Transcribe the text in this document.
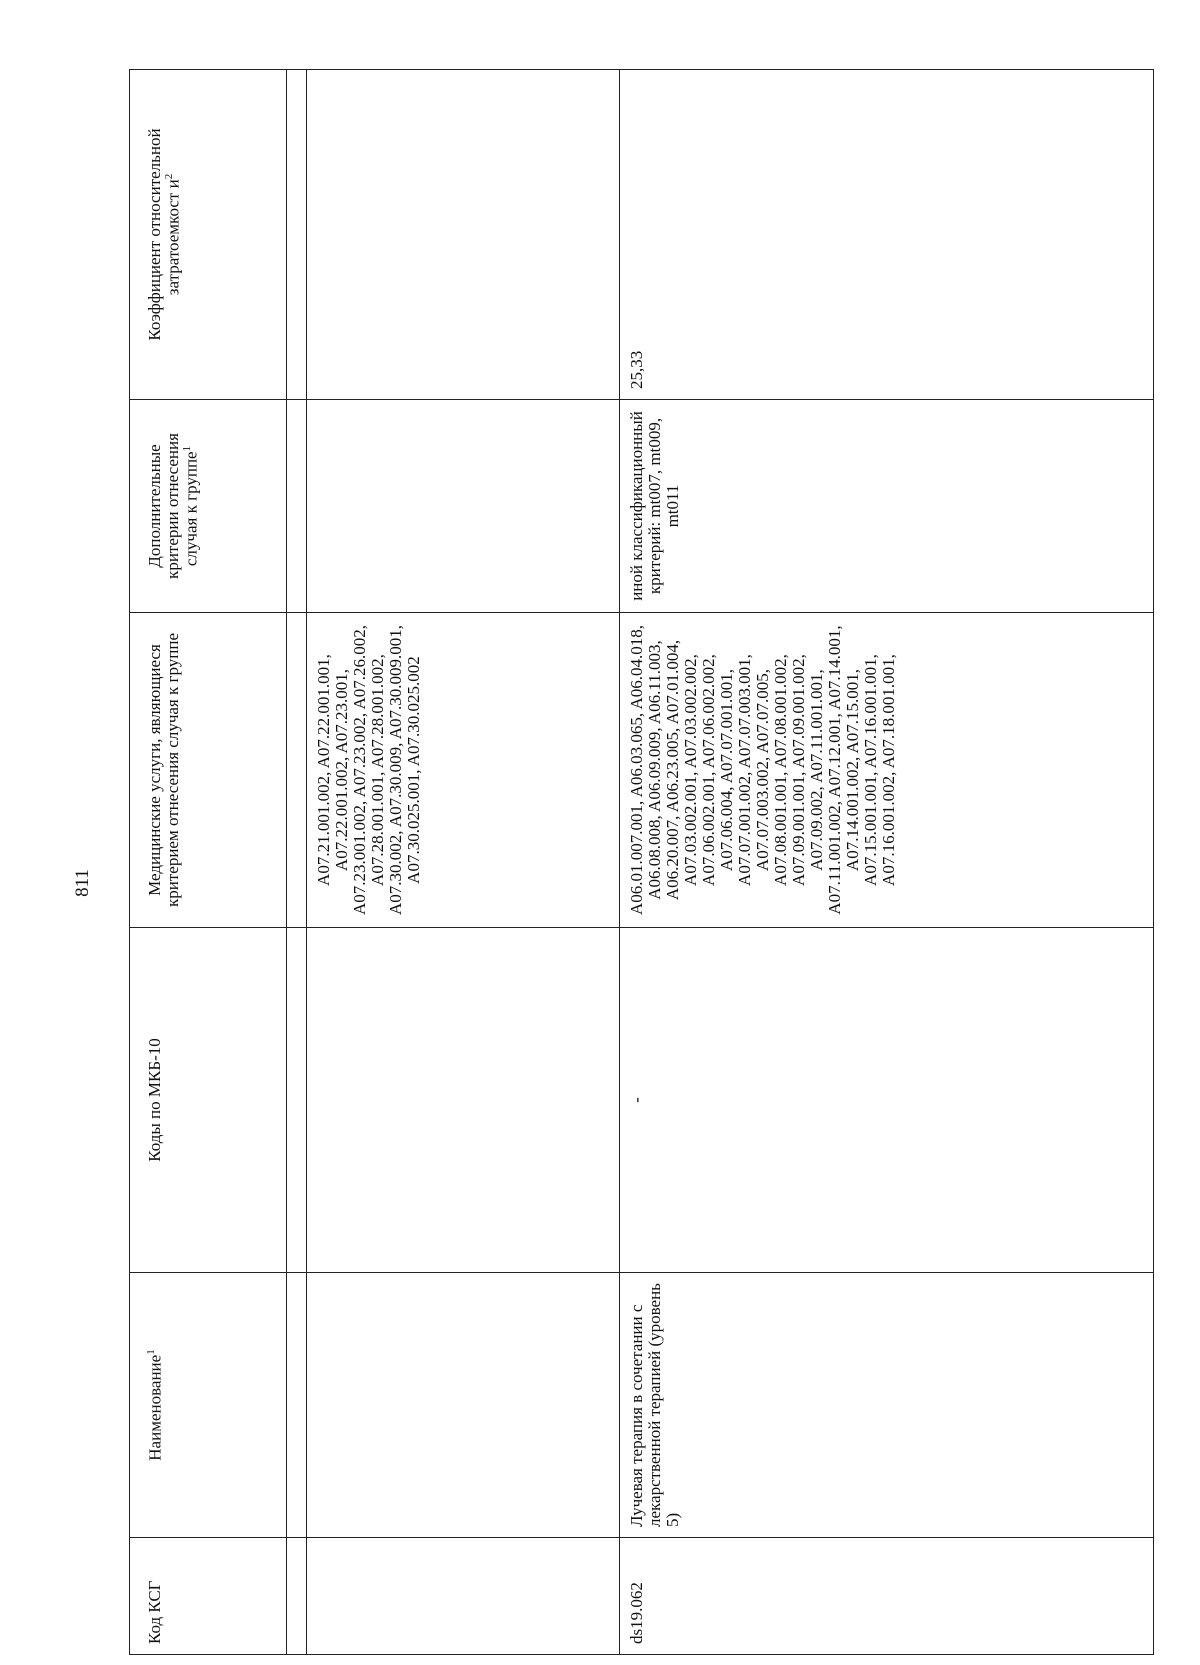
811
Код КСГ	Наименование$^1$	Коды по МКБ-10	Медицинские услуги, являющиеся критерием отнесения случая к группе	Дополнительные критерии отнесения случая к группе$^1$	Коэффициент относительной затратоемкост $и^2$

			A07.21.001.002, A07.22.001.001, A07.22.001.002, A07.23.001, A07.23.001.002, A07.23.002, A07.26.002, A07.28.001.001, A07.28.001.002, A07.30.002, A07.30.009, A07.30.009.001, A07.30.025.001, A07.30.025.002		
ds19.062	Лучевая терапия в сочетании с лекарственной терапией (уровень 5)	-	A06.01.007.001, A06.03.065, A06.04.018, A06.08.008, A06.09.009, A06.11.003, A06.20.007, A06.23.005, A07.01.004, A07.03.002.001, A07.03.002.002, A07.06.002.001, A07.06.002.002, A07.06.004, A07.07.001.001, A07.07.001.002, A07.07.003.001, A07.07.003.002, A07.07.005, A07.08.001.001, A07.08.001.002, A07.09.001.001, A07.09.001.002, A07.09.002, A07.11.001.001, A07.11.001.002, A07.12.001, A07.14.001, A07.14.001.002, A07.15.001, A07.15.001.001, A07.16.001.001, A07.16.001.002, A07.18.001.001,	иной классификационный критерий: mt007, mt009, mt011	25,33
